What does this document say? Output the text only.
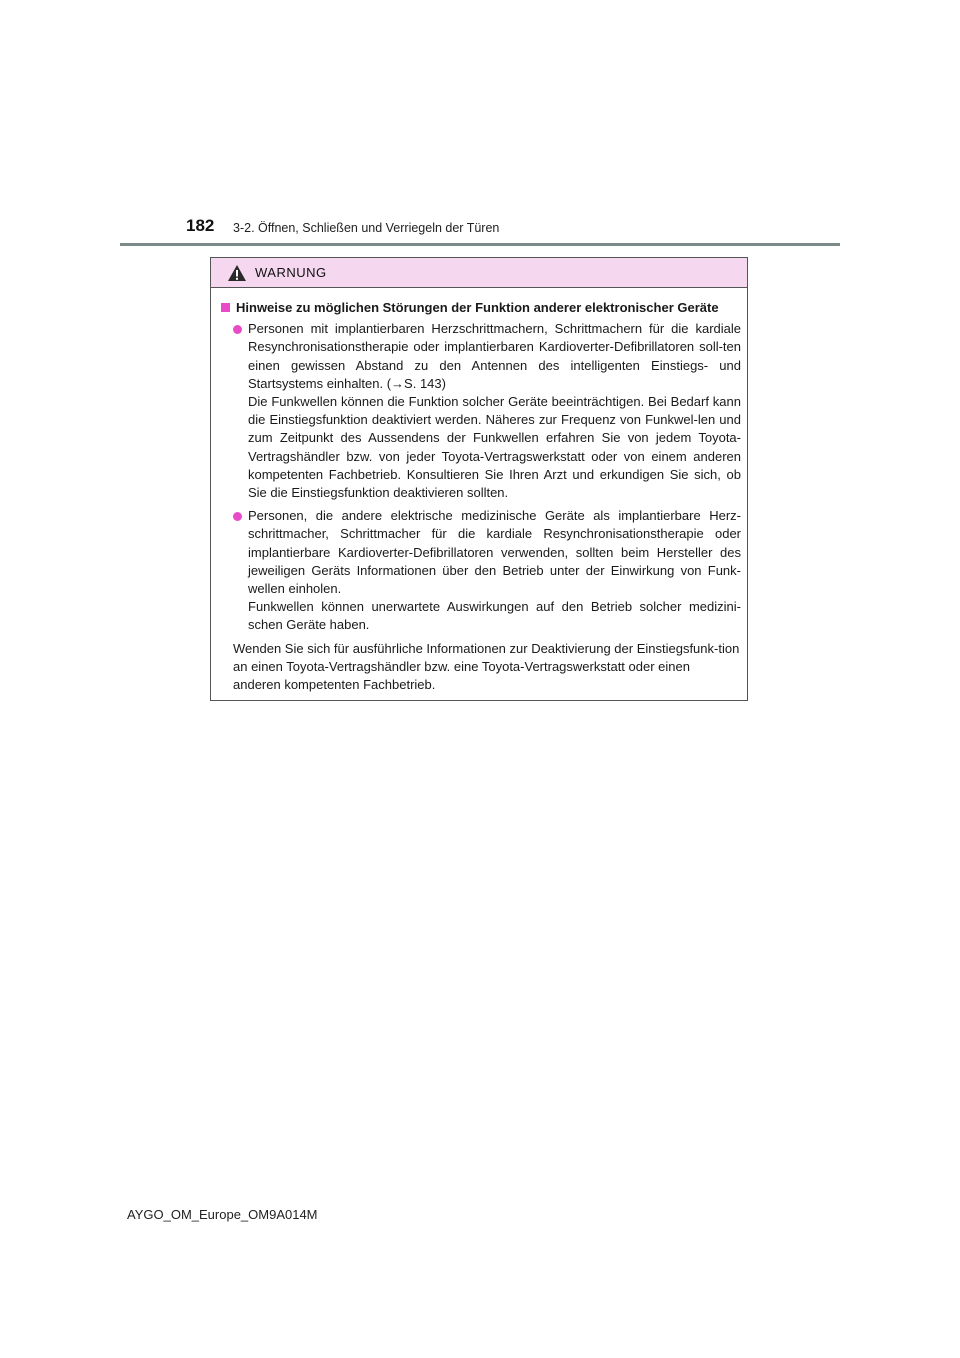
182 3-2. Öffnen, Schließen und Verriegeln der Türen
WARNUNG
Hinweise zu möglichen Störungen der Funktion anderer elektronischer Geräte

Personen mit implantierbaren Herzschrittmachern, Schrittmachern für die kardiale Resynchronisationstherapie oder implantierbaren Kardioverter-Defibrillatoren soll-ten einen gewissen Abstand zu den Antennen des intelligenten Einstiegs- und Startsystems einhalten. (→S. 143)

Die Funkwellen können die Funktion solcher Geräte beeinträchtigen. Bei Bedarf kann die Einstiegsfunktion deaktiviert werden. Näheres zur Frequenz von Funkwel-len und zum Zeitpunkt des Aussendens der Funkwellen erfahren Sie von jedem Toyota-Vertragshändler bzw. von jeder Toyota-Vertragswerkstatt oder von einem anderen kompetenten Fachbetrieb. Konsultieren Sie Ihren Arzt und erkundigen Sie sich, ob Sie die Einstiegsfunktion deaktivieren sollten.

Personen, die andere elektrische medizinische Geräte als implantierbare Herz-schrittmacher, Schrittmacher für die kardiale Resynchronisationstherapie oder implantierbare Kardioverter-Defibrillatoren verwenden, sollten beim Hersteller des jeweiligen Geräts Informationen über den Betrieb unter der Einwirkung von Funk-wellen einholen.

Funkwellen können unerwartete Auswirkungen auf den Betrieb solcher medizini-schen Geräte haben.

Wenden Sie sich für ausführliche Informationen zur Deaktivierung der Einstiegsfunk-tion an einen Toyota-Vertragshändler bzw. eine Toyota-Vertragswerkstatt oder einen anderen kompetenten Fachbetrieb.

AYGO_OM_Europe_OM9A014M
